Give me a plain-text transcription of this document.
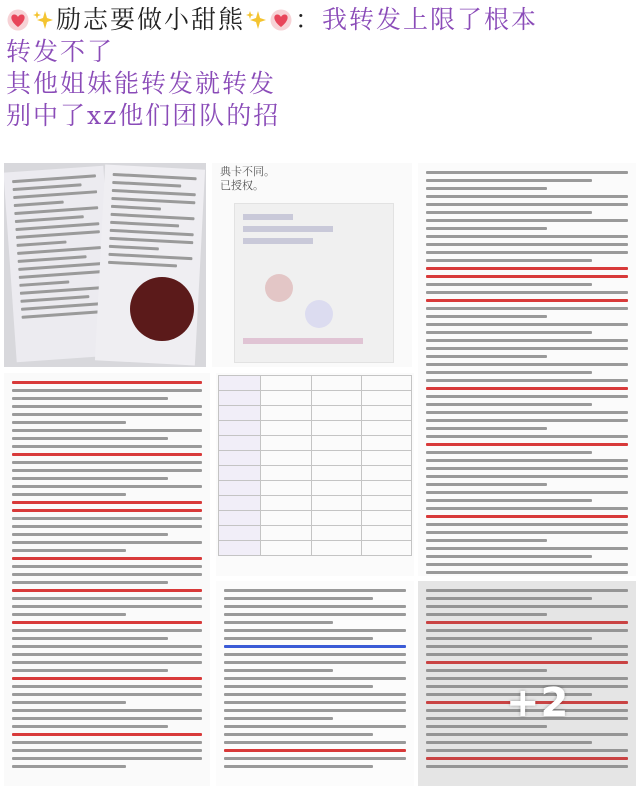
励志要做小甜熊 ： 我转发上限了根本
转发不了
其他姐妹能转发就转发
别中了xz他们团队的招
典卡不同。
已授权。

+2
